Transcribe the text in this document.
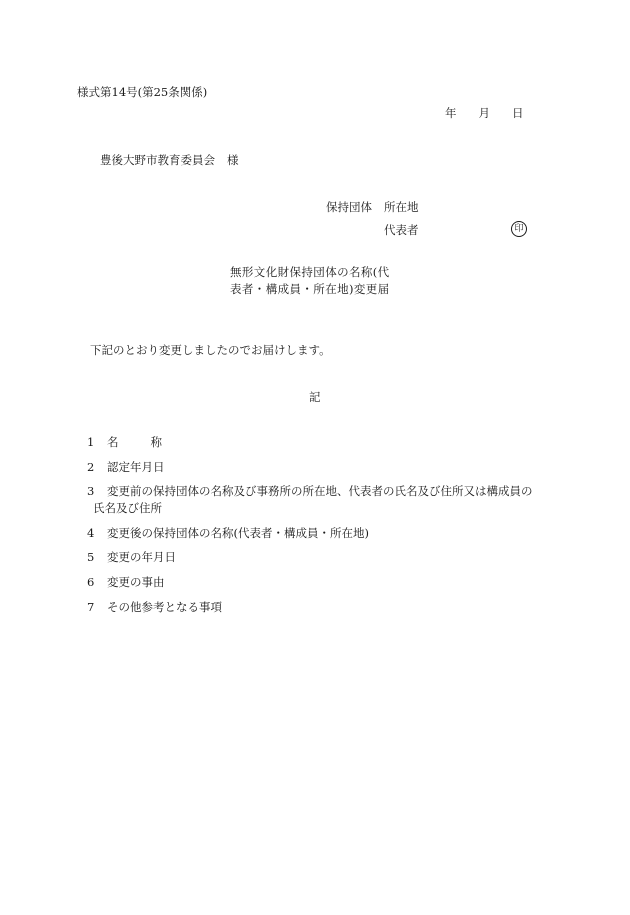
様式第14号(第25条関係)
年 月 日
豊後大野市教育委員会 様
保持団体 所在地
代表者	印
無形文化財保持団体の名称(代
表者・構成員・所在地)変更届
下記のとおり変更しましたのでお届けします。
記
1 名	称
2 認定年月日
3 変更前の保持団体の名称及び事務所の所在地、代表者の氏名及び住所又は構成員の
氏名及び住所
4 変更後の保持団体の名称(代表者・構成員・所在地)
5 変更の年月日
6 変更の事由
7 その他参考となる事項
